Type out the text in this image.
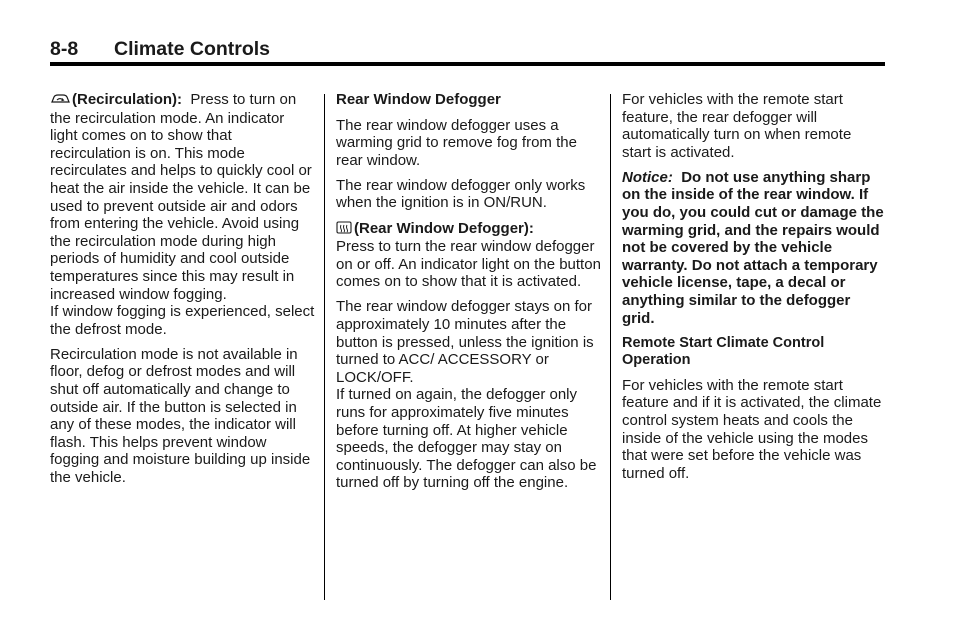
8-8 Climate Controls

(Recirculation): Press to turn on the recirculation mode. An indicator light comes on to show that recirculation is on. This mode recirculates and helps to quickly cool or heat the air inside the vehicle. It can be used to prevent outside air and odors from entering the vehicle. Avoid using the recirculation mode during high periods of humidity and cool outside temperatures since this may result in increased window fogging.

If window fogging is experienced, select the defrost mode.

Recirculation mode is not available in floor, defog or defrost modes and will shut off automatically and change to outside air. If the button is selected in any of these modes, the indicator will flash. This helps prevent window fogging and moisture building up inside the vehicle.

Rear Window Defogger

The rear window defogger uses a warming grid to remove fog from the rear window.

The rear window defogger only works when the ignition is in ON/RUN.

(Rear Window Defogger):
Press to turn the rear window defogger on or off. An indicator light on the button comes on to show that it is activated.

The rear window defogger stays on for approximately 10 minutes after the button is pressed, unless the ignition is turned to ACC/ ACCESSORY or LOCK/OFF.

If turned on again, the defogger only runs for approximately five minutes before turning off. At higher vehicle speeds, the defogger may stay on continuously. The defogger can also be turned off by turning off the engine.

For vehicles with the remote start feature, the rear defogger will automatically turn on when remote start is activated.

Notice: Do not use anything sharp on the inside of the rear window. If you do, you could cut or damage the warming grid, and the repairs would not be covered by the vehicle warranty. Do not attach a temporary vehicle license, tape, a decal or anything similar to the defogger grid.

Remote Start Climate Control Operation

For vehicles with the remote start feature and if it is activated, the climate control system heats and cools the inside of the vehicle using the modes that were set before the vehicle was turned off.
